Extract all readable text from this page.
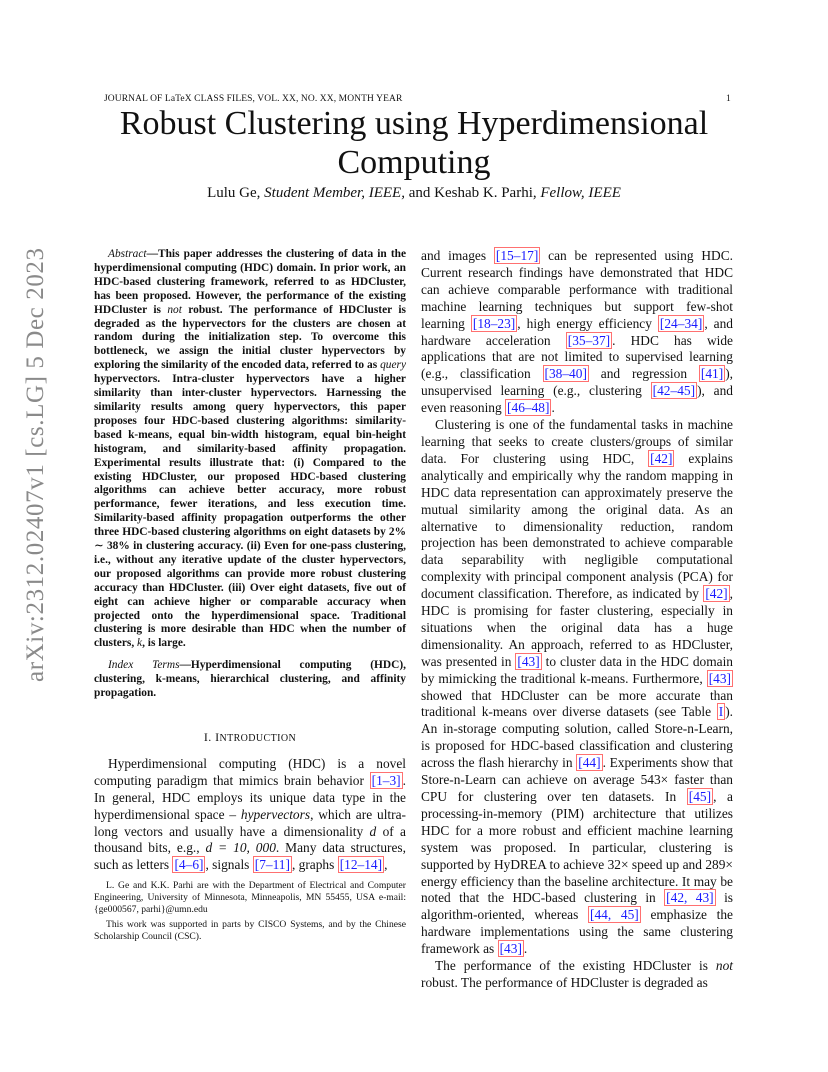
JOURNAL OF LaTeX CLASS FILES, VOL. XX, NO. XX, MONTH YEAR	1
Robust Clustering using Hyperdimensional Computing
Lulu Ge, Student Member, IEEE, and Keshab K. Parhi, Fellow, IEEE
arXiv:2312.02407v1 [cs.LG] 5 Dec 2023	Abstract—This paper addresses the clustering of data in the hyperdimensional computing (HDC) domain. In prior work, an HDC-based clustering framework, referred to as HDCluster, has been proposed. However, the performance of the existing HDCluster is not robust. The performance of HDCluster is degraded as the hypervectors for the clusters are chosen at random during the initialization step. To overcome this bottleneck, we assign the initial cluster hypervectors by exploring the similarity of the encoded data, referred to as query hypervectors. Intra-cluster hypervectors have a higher similarity than inter-cluster hypervectors. Harnessing the similarity results among query hypervectors, this paper proposes four HDC-based clustering algorithms: similarity-based k-means, equal bin-width histogram, equal bin-height histogram, and similarity-based affinity propagation. Experimental results illustrate that: (i) Compared to the existing HDCluster, our proposed HDC-based clustering algorithms can achieve better accuracy, more robust performance, fewer iterations, and less execution time. Similarity-based affinity propagation outperforms the other three HDC-based clustering algorithms on eight datasets by 2% ∼ 38% in clustering accuracy. (ii) Even for one-pass clustering, i.e., without any iterative update of the cluster hypervectors, our proposed algorithms can provide more robust clustering accuracy than HDCluster. (iii) Over eight datasets, five out of eight can achieve higher or comparable accuracy when projected onto the hyperdimensional space. Traditional clustering is more desirable than HDC when the number of clusters, k, is large.

Index Terms—Hyperdimensional computing (HDC), clustering, k-means, hierarchical clustering, and affinity propagation.

I. INTRODUCTION

Hyperdimensional computing (HDC) is a novel computing paradigm that mimics brain behavior [1–3] . In general, HDC employs its unique data type in the hyperdimensional space – hypervectors, which are ultra-long vectors and usually have a dimensionality d of a thousand bits, e.g., d = 10, 000. Many data structures, such as letters [4–6] , signals [7–11] , graphs [12–14] ,

L. Ge and K.K. Parhi are with the Department of Electrical and Computer Engineering, University of Minnesota, Minneapolis, MN 55455, USA e-mail: {ge000567, parhi}@umn.edu

This work was supported in parts by CISCO Systems, and by the Chinese Scholarship Council (CSC).

and images [15–17] can be represented using HDC. Current research findings have demonstrated that HDC can achieve comparable performance with traditional machine learning techniques but support few-shot learning [18–23] , high energy efficiency [24–34] , and hardware acceleration [35–37] . HDC has wide applications that are not limited to supervised learning (e.g., classification [38–40] and regression [41] ), unsupervised learning (e.g., clustering [42–45] ), and even reasoning [46–48] .

Clustering is one of the fundamental tasks in machine learning that seeks to create clusters/groups of similar data. For clustering using HDC, [42] explains analytically and empirically why the random mapping in HDC data representation can approximately preserve the mutual similarity among the original data. As an alternative to dimensionality reduction, random projection has been demonstrated to achieve comparable data separability with negligible computational complexity with principal component analysis (PCA) for document classification. Therefore, as indicated by [42] , HDC is promising for faster clustering, especially in situations when the original data has a huge dimensionality. An approach, referred to as HDCluster, was presented in [43] to cluster data in the HDC domain by mimicking the traditional k-means. Furthermore, [43] showed that HDCluster can be more accurate than traditional k-means over diverse datasets (see Table I ). An in-storage computing solution, called Store-n-Learn, is proposed for HDC-based classification and clustering across the flash hierarchy in [44] . Experiments show that Store-n-Learn can achieve on average 543× faster than CPU for clustering over ten datasets. In [45] , a processing-in-memory (PIM) architecture that utilizes HDC for a more robust and efficient machine learning system was proposed. In particular, clustering is supported by HyDREA to achieve 32× speed up and 289× energy efficiency than the baseline architecture. It may be noted that the HDC-based clustering in [42, 43] is algorithm-oriented, whereas [44, 45] emphasize the hardware implementations using the same clustering framework as [43] .

The performance of the existing HDCluster is not robust. The performance of HDCluster is degraded as
